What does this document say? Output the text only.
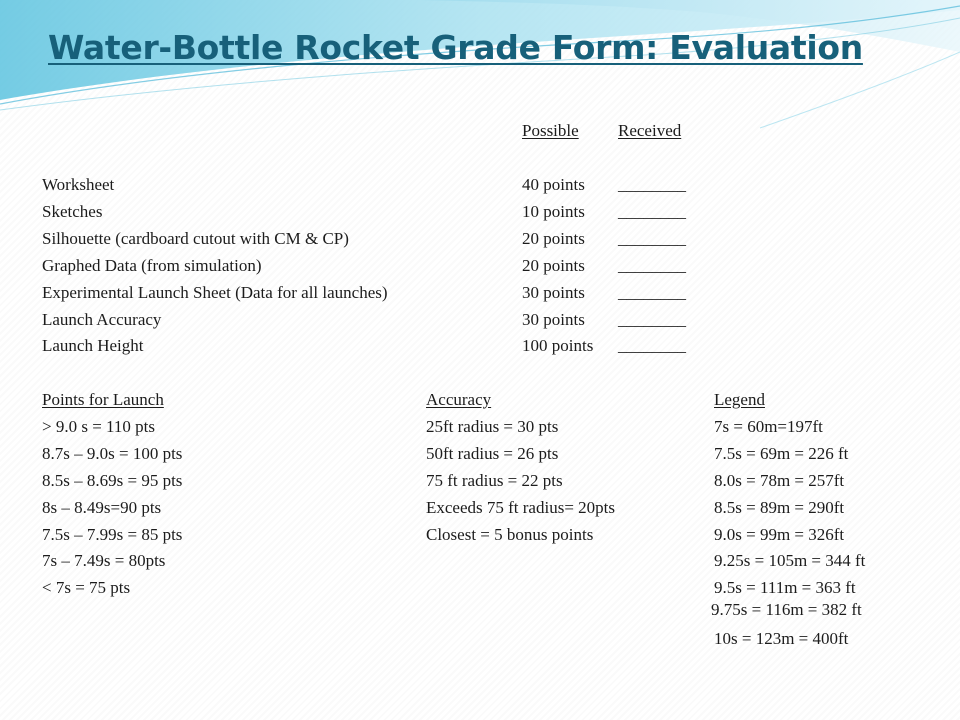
Water-Bottle Rocket Grade Form: Evaluation
Possible Received
Worksheet	40 points ________
Sketches	10 points ________
Silhouette (cardboard cutout with CM & CP)	20 points ________
Graphed Data (from simulation)	20 points ________
Experimental Launch Sheet (Data for all launches)	30 points ________
Launch Accuracy	30 points ________
Launch Height	100 points ________
Points for Launch
> 9.0 s = 110 pts
8.7s – 9.0s = 100 pts
8.5s – 8.69s = 95 pts
8s – 8.49s=90 pts
7.5s – 7.99s = 85 pts
7s – 7.49s = 80pts
< 7s = 75 pts
Accuracy
25ft radius = 30 pts
50ft radius = 26 pts
75 ft radius = 22 pts
Exceeds 75 ft radius= 20pts
Closest = 5 bonus points
Legend
7s = 60m=197ft
7.5s = 69m = 226 ft
8.0s = 78m = 257ft
8.5s = 89m = 290ft
9.0s = 99m = 326ft
9.25s = 105m = 344 ft
9.5s = 111m = 363 ft
9.75s = 116m = 382 ft
10s = 123m = 400ft
